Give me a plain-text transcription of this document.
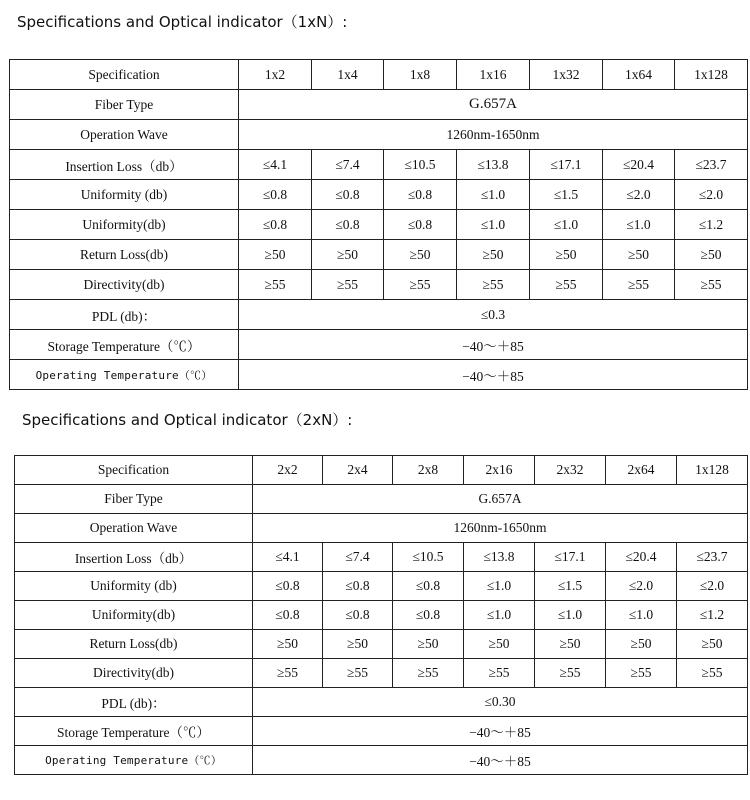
Specifications and Optical indicator（1xN）:
Specification	1x2	1x4	1x8	1x16	1x32	1x64	1x128
Fiber Type	G.657A						
Operation Wave	1260nm-1650nm						
Insertion Loss（db）	≤4.1	≤7.4	≤10.5	≤13.8	≤17.1	≤20.4	≤23.7
Uniformity (db)	≤0.8	≤0.8	≤0.8	≤1.0	≤1.5	≤2.0	≤2.0
Uniformity(db)	≤0.8	≤0.8	≤0.8	≤1.0	≤1.0	≤1.0	≤1.2
Return Loss(db)	≥50	≥50	≥50	≥50	≥50	≥50	≥50
Directivity(db)	≥55	≥55	≥55	≥55	≥55	≥55	≥55
PDL (db)：	≤0.3						
Storage Temperature（℃）	−40～＋85						
Operating Temperature（℃）	−40～＋85						
Specifications and Optical indicator（2xN）:
Specification	2x2	2x4	2x8	2x16	2x32	2x64	1x128
Fiber Type	G.657A						
Operation Wave	1260nm-1650nm						
Insertion Loss（db）	≤4.1	≤7.4	≤10.5	≤13.8	≤17.1	≤20.4	≤23.7
Uniformity (db)	≤0.8	≤0.8	≤0.8	≤1.0	≤1.5	≤2.0	≤2.0
Uniformity(db)	≤0.8	≤0.8	≤0.8	≤1.0	≤1.0	≤1.0	≤1.2
Return Loss(db)	≥50	≥50	≥50	≥50	≥50	≥50	≥50
Directivity(db)	≥55	≥55	≥55	≥55	≥55	≥55	≥55
PDL (db)：	≤0.30						
Storage Temperature（℃）	−40～＋85						
Operating Temperature（℃）	−40～＋85						
